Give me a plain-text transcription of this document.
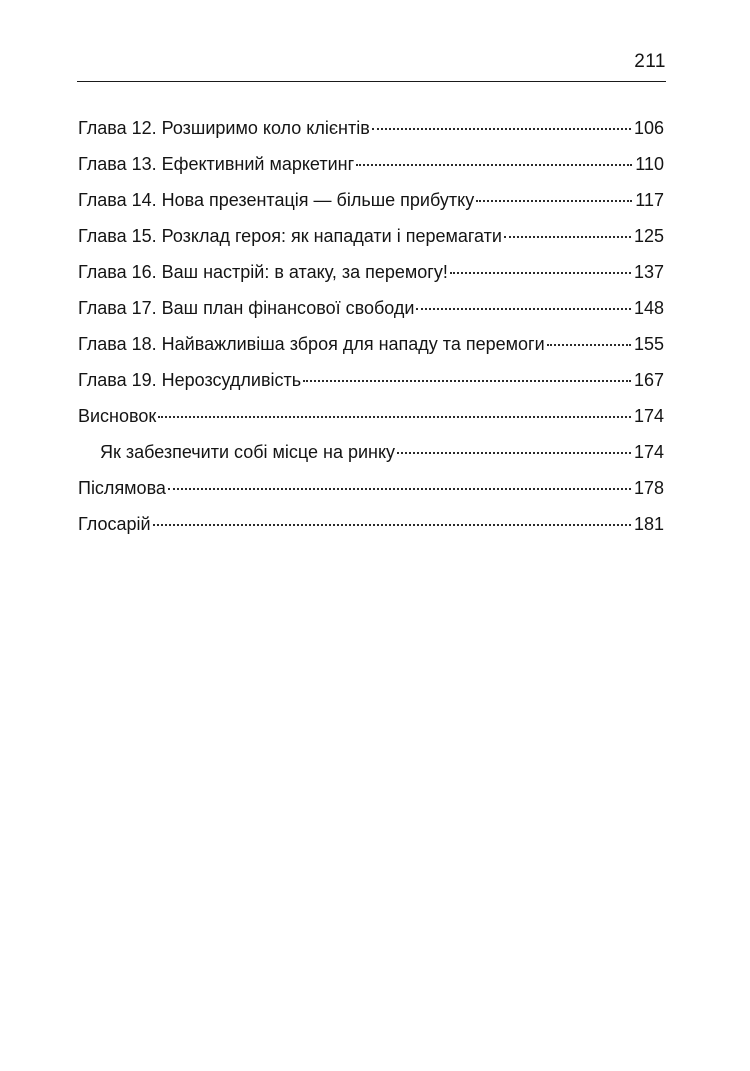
211
Глава 12. Розширимо коло клієнтів	106
Глава 13. Ефективний маркетинг	110
Глава 14. Нова презентація — більше прибутку	117
Глава 15. Розклад героя: як нападати і перемагати	125
Глава 16. Ваш настрій: в атаку, за перемогу!	137
Глава 17. Ваш план фінансової свободи	148
Глава 18. Найважливіша зброя для нападу та перемоги	155
Глава 19. Нерозсудливість	167
Висновок	174
Як забезпечити собі місце на ринку	174
Післямова	178
Глосарій	181
